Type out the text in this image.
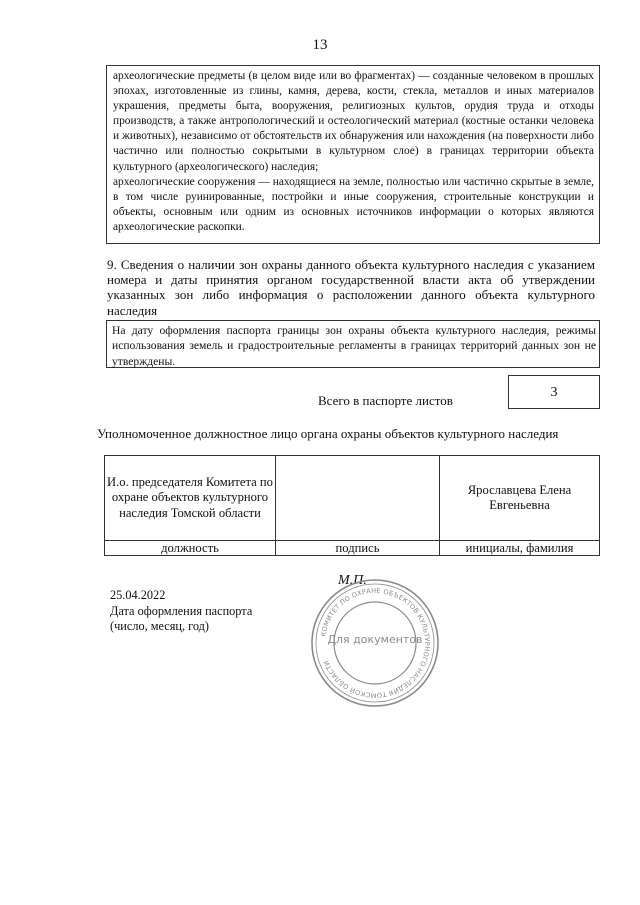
13

археологические предметы (в целом виде или во фрагментах) — созданные человеком в прошлых эпохах, изготовленные из глины, камня, дерева, кости, стекла, металлов и иных материалов украшения, предметы быта, вооружения, религиозных культов, орудия труда и отходы производств, а также антропологический и остеологический материал (костные останки человека и животных), независимо от обстоятельств их обнаружения или нахождения (на поверхности либо частично или полностью сокрытыми в культурном слое) в границах территории объекта культурного (археологического) наследия;

археологические сооружения — находящиеся на земле, полностью или частично скрытые в земле, в том числе руинированные, постройки и иные сооружения, строительные конструкции и объекты, основным или одним из основных источников информации о которых являются археологические раскопки.

9. Сведения о наличии зон охраны данного объекта культурного наследия с указанием номера и даты принятия органом государственной власти акта об утверждении указанных зон либо информация о расположении данного объекта культурного наследия
На дату оформления паспорта границы зон охраны объекта культурного наследия, режимы использования земель и градостроительные регламенты в границах территорий данных зон не утверждены.
Всего в паспорте листов
3
Уполномоченное должностное лицо органа охраны объектов культурного наследия
И.о. председателя Комитета по охране объектов культурного наследия Томской области		Ярославцева Елена Евгеньевна
должность	подпись	инициалы, фамилия
М.П.
25.04.2022
Дата оформления паспорта
(число, месяц, год)
КОМИТЕТ ПО ОХРАНЕ ОБЪЕКТОВ КУЛЬТУРНОГО НАСЛЕДИЯ ТОМСКОЙ ОБЛАСТИ
Для документов
